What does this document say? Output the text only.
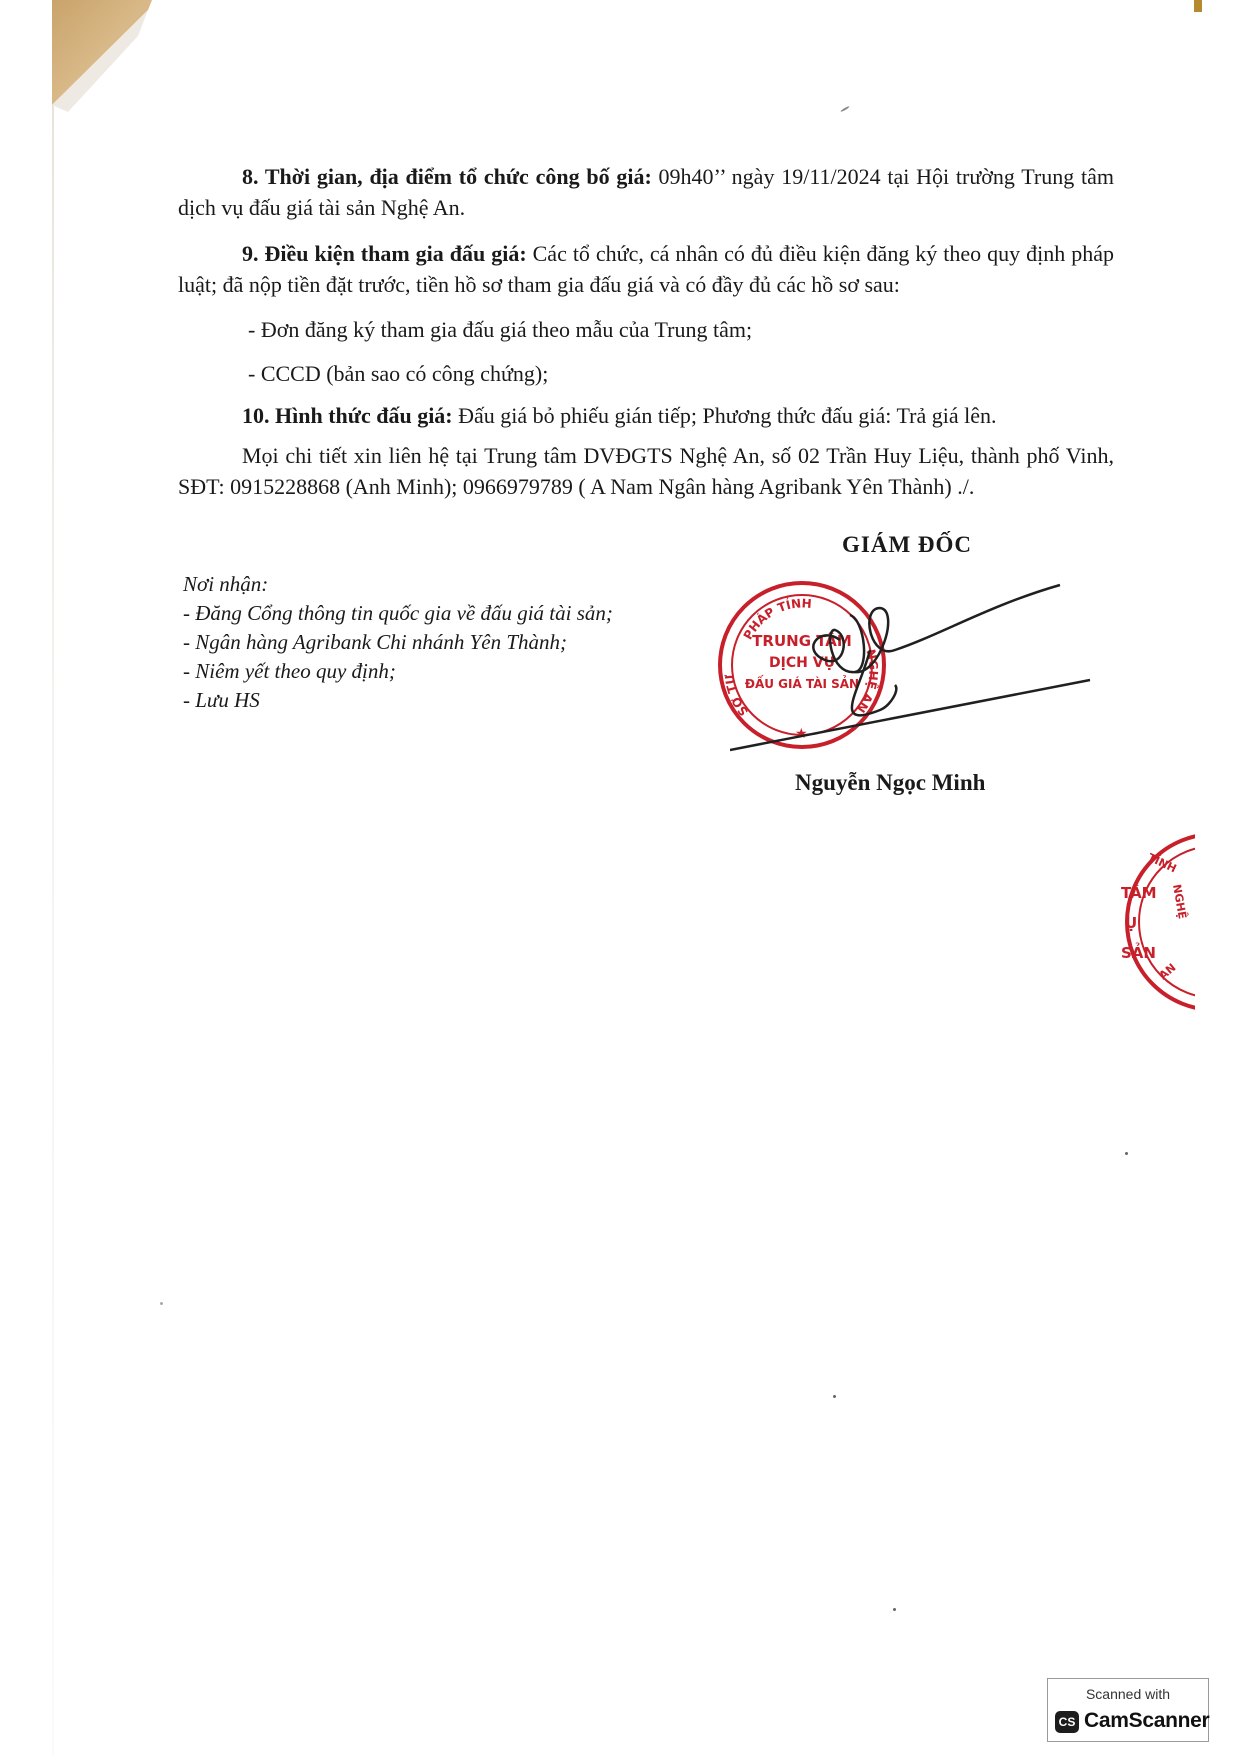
8. Thời gian, địa điểm tổ chức công bố giá: 09h40’’ ngày 19/11/2024 tại Hội trường Trung tâm dịch vụ đấu giá tài sản Nghệ An.

9. Điều kiện tham gia đấu giá: Các tổ chức, cá nhân có đủ điều kiện đăng ký theo quy định pháp luật; đã nộp tiền đặt trước, tiền hồ sơ tham gia đấu giá và có đầy đủ các hồ sơ sau:

- Đơn đăng ký tham gia đấu giá theo mẫu của Trung tâm;

- CCCD (bản sao có công chứng);

10. Hình thức đấu giá: Đấu giá bỏ phiếu gián tiếp; Phương thức đấu giá: Trả giá lên.

Mọi chi tiết xin liên hệ tại Trung tâm DVĐGTS Nghệ An, số 02 Trần Huy Liệu, thành phố Vinh, SĐT: 0915228868 (Anh Minh); 0966979789 ( A Nam Ngân hàng Agribank Yên Thành) ./.

GIÁM ĐỐC

Nơi nhận:
- Đăng Cổng thông tin quốc gia về đấu giá tài sản;
- Ngân hàng Agribank Chi nhánh Yên Thành;
- Niêm yết theo quy định;
- Lưu HS
PHÁP TỈNH
SỞ TƯ
NGHỆ AN
TRUNG TÂM
DỊCH VỤ
ĐẤU GIÁ TÀI SẢN
★

Nguyễn Ngọc Minh

TỈNH
TÂM
Ụ
SẢN
NGHỆ
AN
Scanned with
CS CamScanner
